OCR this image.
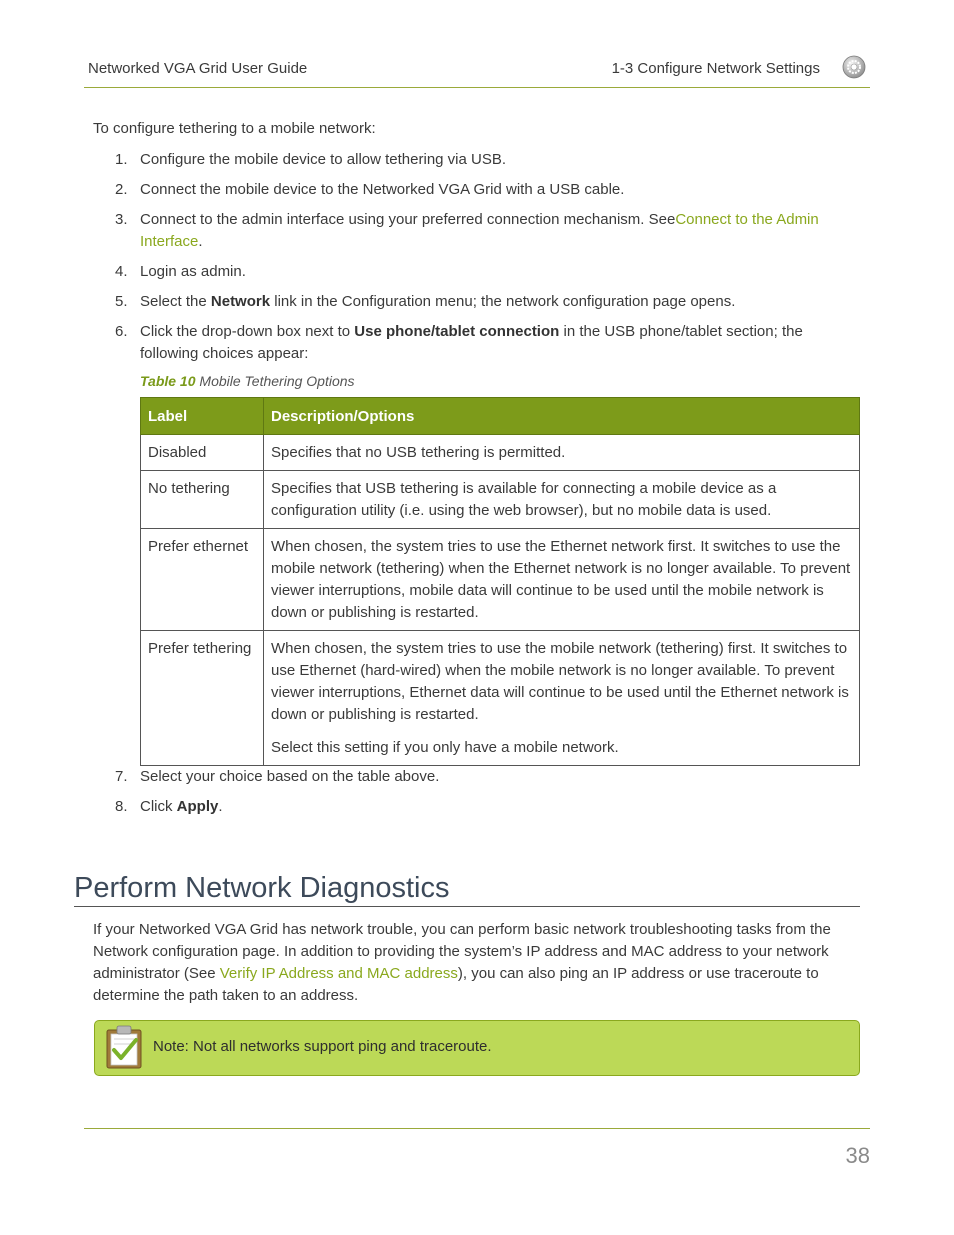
Networked VGA Grid User Guide	1-3 Configure Network Settings

To configure tethering to a mobile network:

1. Configure the mobile device to allow tethering via USB.
2. Connect the mobile device to the Networked VGA Grid with a USB cable.
3. Connect to the admin interface using your preferred connection mechanism. SeeConnect to the Admin Interface.
4. Login as admin.
5. Select the Network link in the Configuration menu; the network configuration page opens.
6. Click the drop-down box next to Use phone/tablet connection in the USB phone/tablet section; the following choices appear:
Table 10 Mobile Tethering Options
Label	Description/Options
Disabled	Specifies that no USB tethering is permitted.

No tethering	Specifies that USB tethering is available for connecting a mobile device as a configuration utility (i.e. using the web browser), but no mobile data is used.

Prefer ethernet	When chosen, the system tries to use the Ethernet network first. It switches to use the mobile network (tethering) when the Ethernet network is no longer available. To prevent viewer interruptions, mobile data will continue to be used until the mobile network is down or publishing is restarted.

Prefer tethering	When chosen, the system tries to use the mobile network (tethering) first. It switches to use Ethernet (hard-wired) when the mobile network is no longer available. To prevent viewer interruptions, Ethernet data will continue to be used until the Ethernet network is down or publishing is restarted.

Select this setting if you only have a mobile network.

7. Select your choice based on the table above.
8. Click Apply.
Perform Network Diagnostics

If your Networked VGA Grid has network trouble, you can perform basic network troubleshooting tasks from the Network configuration page. In addition to providing the system’s IP address and MAC address to your network administrator (See Verify IP Address and MAC address), you can also ping an IP address or use traceroute to determine the path taken to an address.

Note: Not all networks support ping and traceroute.
38
